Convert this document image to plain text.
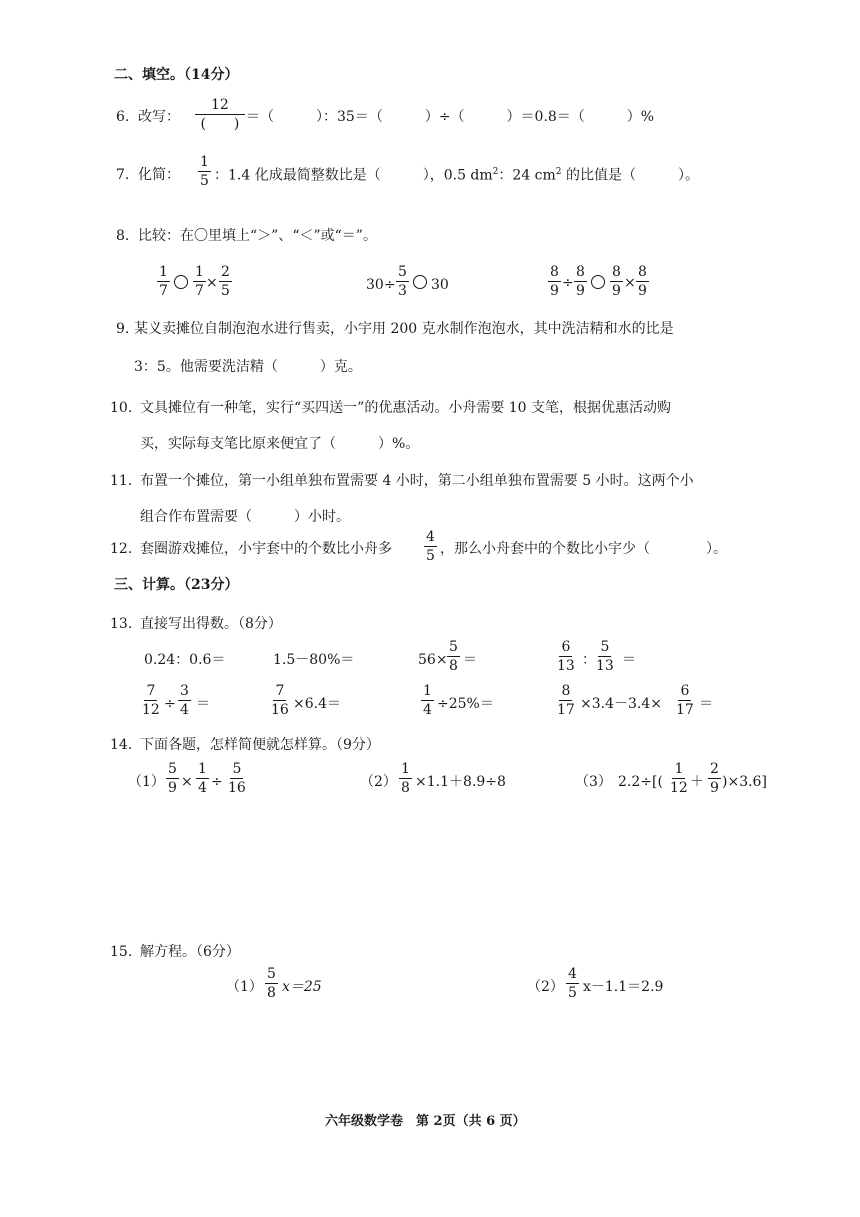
二、填空。（14分）
6. 改写：
12
(　　) ＝（　　　）：35＝（　　　）÷（　　　）＝0.8＝（　　　）%
7. 化简： $\frac{1}{5}$ ：1.4 化成最简整数比是（　　　），0.5 $dm^2$：24 $cm^2$ 的比值是（　　　）。
8. 比较：在〇里填上“＞”、“＜”或“＝”。
$\frac{1}{7} \frac{1}{7} \times \frac{2}{5}$	$30\div \frac{5}{3} 30$	$\frac{8}{9} \div \frac{8}{9} \frac{8}{9} \times \frac{8}{9}$
9. 某义卖摊位自制泡泡水进行售卖，小宇用 200 克水制作泡泡水，其中洗洁精和水的比是
3：5。他需要洗洁精（　　　）克。
10. 文具摊位有一种笔，实行“买四送一”的优惠活动。小舟需要 10 支笔，根据优惠活动购
买，实际每支笔比原来便宜了（　　　）%。
11. 布置一个摊位，第一小组单独布置需要 4 小时，第二小组单独布置需要 5 小时。这两个小
组合作布置需要（　　　）小时。
12. 套圈游戏摊位，小宇套中的个数比小舟多 $\frac{4}{5}$ ，那么小舟套中的个数比小宇少（　　　　）。
三、计算。（23分）
13. 直接写出得数。（8分）
0.24：0.6＝	1.5－80%＝	$56\times \frac{5}{8}$ ＝	$\frac{6}{13}$ ： $\frac{5}{13}$ ＝
$\frac{7}{12} \div \frac{3}{4}$ ＝	$\frac{7}{16} \times 6.4=$	$\frac{1}{4} \div 25\%=$	$\frac{8}{17} \times 3.4-3.4\times \frac{6}{17}$ ＝
14. 下面各题，怎样简便就怎样算。（9分）
$(1) \frac{5}{9} \times \frac{1}{4} \div \frac{5}{16}$	$(2) \frac{1}{8} \times 1.1+8.9\div 8$	（3） $2.2\div[( \frac{1}{12} + \frac{2}{9} )\times 3.6]$
15. 解方程。（6分）
$(1) \frac{5}{8} x=25$	$(2) \frac{4}{5} x-1.1=2.9$
六年级数学卷　第 2页（共 6 页）
